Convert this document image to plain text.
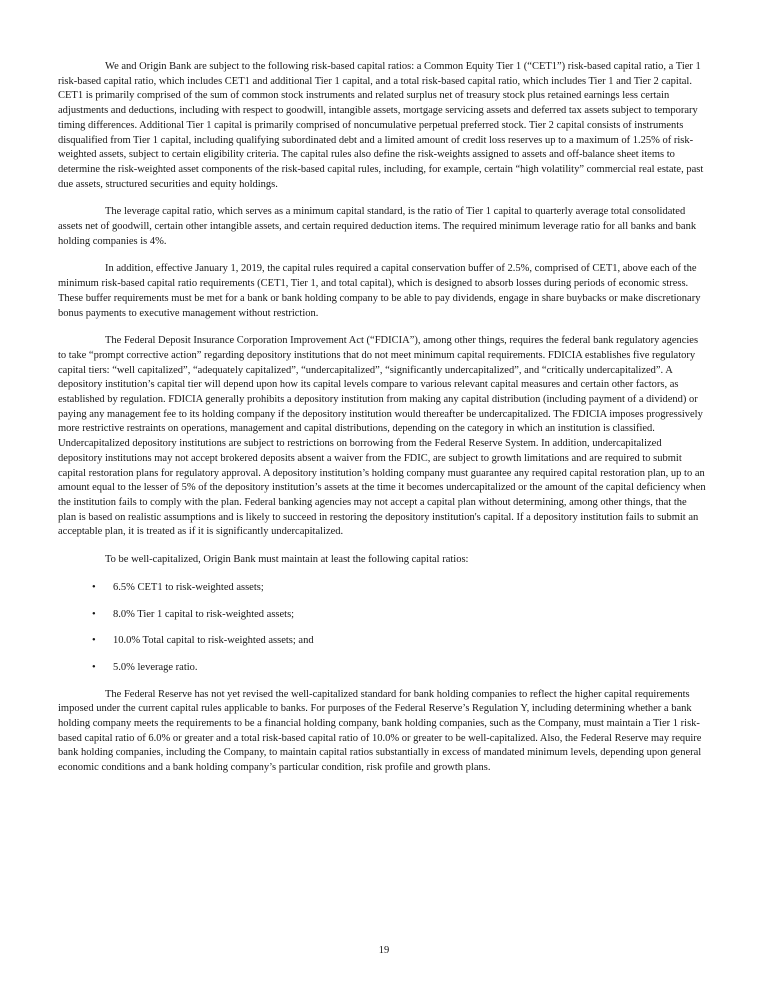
We and Origin Bank are subject to the following risk-based capital ratios: a Common Equity Tier 1 (“CET1”) risk-based capital ratio, a Tier 1 risk-based capital ratio, which includes CET1 and additional Tier 1 capital, and a total risk-based capital ratio, which includes Tier 1 and Tier 2 capital. CET1 is primarily comprised of the sum of common stock instruments and related surplus net of treasury stock plus retained earnings less certain adjustments and deductions, including with respect to goodwill, intangible assets, mortgage servicing assets and deferred tax assets subject to temporary timing differences. Additional Tier 1 capital is primarily comprised of noncumulative perpetual preferred stock. Tier 2 capital consists of instruments disqualified from Tier 1 capital, including qualifying subordinated debt and a limited amount of credit loss reserves up to a maximum of 1.25% of risk-weighted assets, subject to certain eligibility criteria. The capital rules also define the risk-weights assigned to assets and off-balance sheet items to determine the risk-weighted asset components of the risk-based capital rules, including, for example, certain “high volatility” commercial real estate, past due assets, structured securities and equity holdings.

The leverage capital ratio, which serves as a minimum capital standard, is the ratio of Tier 1 capital to quarterly average total consolidated assets net of goodwill, certain other intangible assets, and certain required deduction items. The required minimum leverage ratio for all banks and bank holding companies is 4%.

In addition, effective January 1, 2019, the capital rules required a capital conservation buffer of 2.5%, comprised of CET1, above each of the minimum risk-based capital ratio requirements (CET1, Tier 1, and total capital), which is designed to absorb losses during periods of economic stress. These buffer requirements must be met for a bank or bank holding company to be able to pay dividends, engage in share buybacks or make discretionary bonus payments to executive management without restriction.

The Federal Deposit Insurance Corporation Improvement Act (“FDICIA”), among other things, requires the federal bank regulatory agencies to take “prompt corrective action” regarding depository institutions that do not meet minimum capital requirements. FDICIA establishes five regulatory capital tiers: “well capitalized”, “adequately capitalized”, “undercapitalized”, “significantly undercapitalized”, and “critically undercapitalized”. A depository institution’s capital tier will depend upon how its capital levels compare to various relevant capital measures and certain other factors, as established by regulation. FDICIA generally prohibits a depository institution from making any capital distribution (including payment of a dividend) or paying any management fee to its holding company if the depository institution would thereafter be undercapitalized. The FDICIA imposes progressively more restrictive restraints on operations, management and capital distributions, depending on the category in which an institution is classified. Undercapitalized depository institutions are subject to restrictions on borrowing from the Federal Reserve System. In addition, undercapitalized depository institutions may not accept brokered deposits absent a waiver from the FDIC, are subject to growth limitations and are required to submit capital restoration plans for regulatory approval. A depository institution’s holding company must guarantee any required capital restoration plan, up to an amount equal to the lesser of 5% of the depository institution’s assets at the time it becomes undercapitalized or the amount of the capital deficiency when the institution fails to comply with the plan. Federal banking agencies may not accept a capital plan without determining, among other things, that the plan is based on realistic assumptions and is likely to succeed in restoring the depository institution's capital. If a depository institution fails to submit an acceptable plan, it is treated as if it is significantly undercapitalized.

To be well-capitalized, Origin Bank must maintain at least the following capital ratios:

•	6.5% CET1 to risk-weighted assets;
•	8.0% Tier 1 capital to risk-weighted assets;
•	10.0% Total capital to risk-weighted assets; and
•	5.0% leverage ratio.

The Federal Reserve has not yet revised the well-capitalized standard for bank holding companies to reflect the higher capital requirements imposed under the current capital rules applicable to banks. For purposes of the Federal Reserve’s Regulation Y, including determining whether a bank holding company meets the requirements to be a financial holding company, bank holding companies, such as the Company, must maintain a Tier 1 risk-based capital ratio of 6.0% or greater and a total risk-based capital ratio of 10.0% or greater to be well-capitalized. Also, the Federal Reserve may require bank holding companies, including the Company, to maintain capital ratios substantially in excess of mandated minimum levels, depending upon general economic conditions and a bank holding company’s particular condition, risk profile and growth plans.

19
